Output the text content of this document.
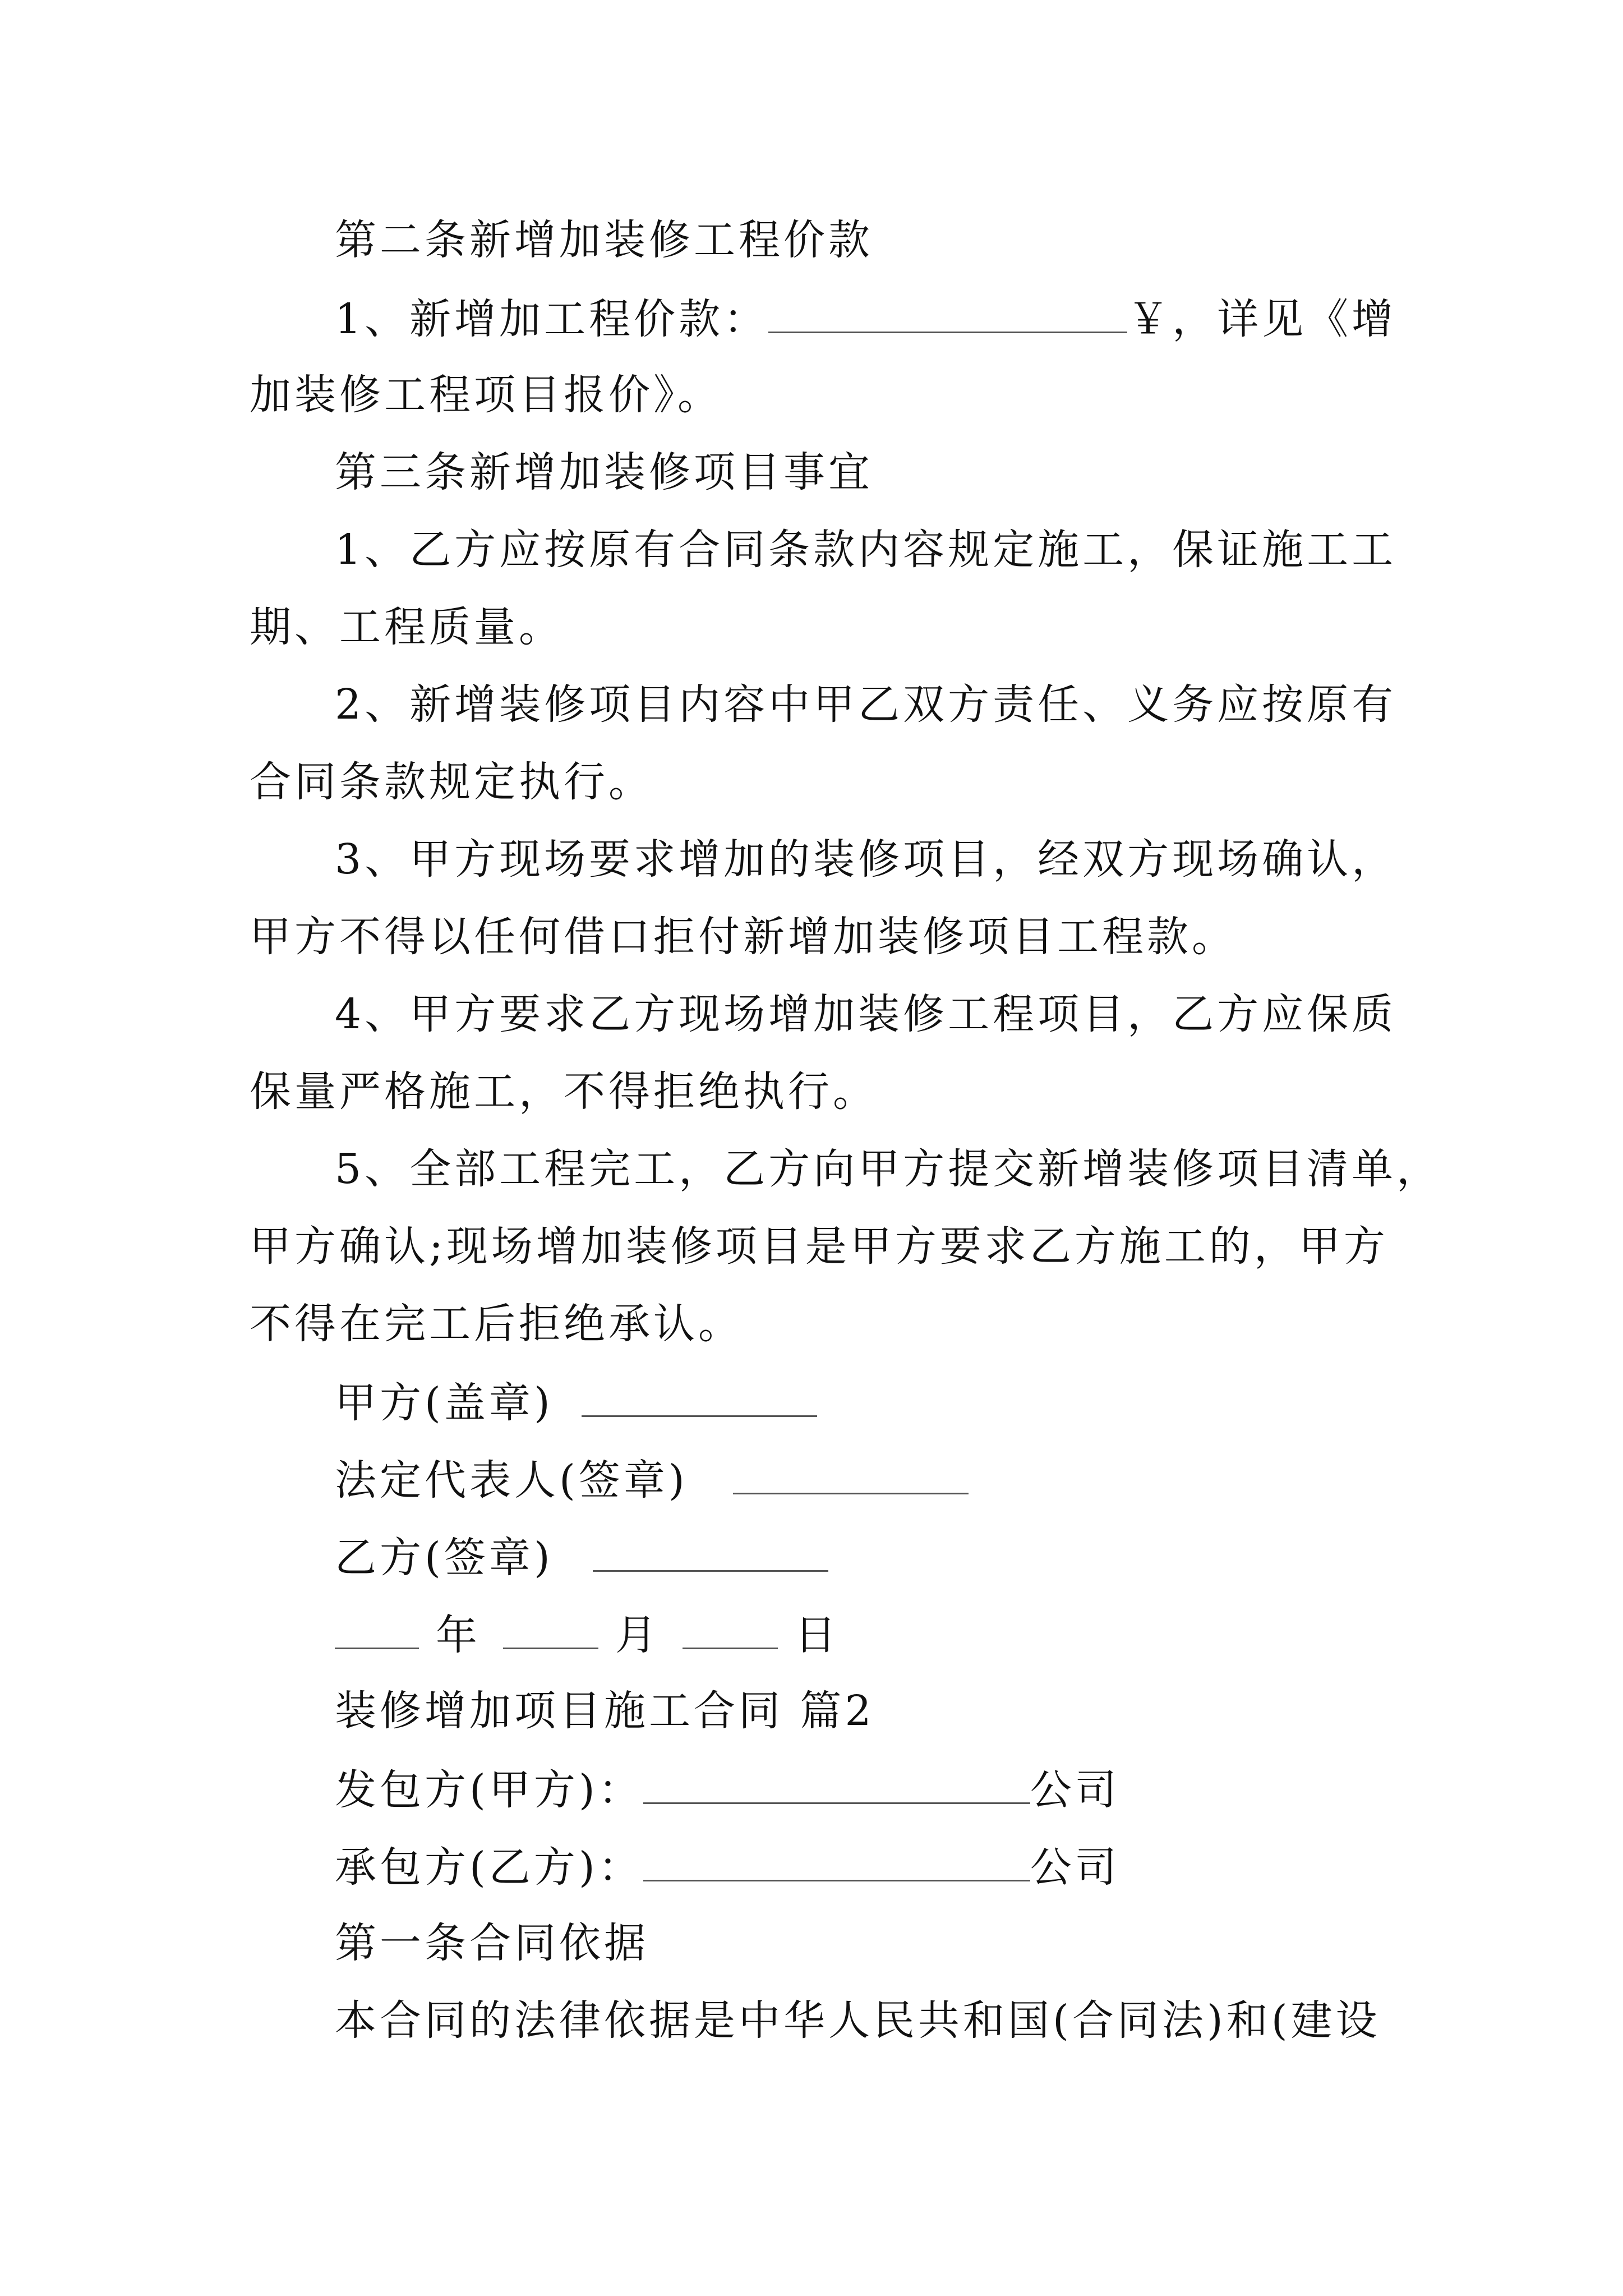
第二条新增加装修工程价款
1、新增加工程价款：	￥，详见《增
加装修工程项目报价》。
第三条新增加装修项目事宜
1、乙方应按原有合同条款内容规定施工，保证施工工
期、工程质量。
2、新增装修项目内容中甲乙双方责任、义务应按原有
合同条款规定执行。
3、甲方现场要求增加的装修项目，经双方现场确认，
甲方不得以任何借口拒付新增加装修项目工程款。
4、甲方要求乙方现场增加装修工程项目，乙方应保质
保量严格施工，不得拒绝执行。
5、全部工程完工，乙方向甲方提交新增装修项目清单，
甲方确认;现场增加装修项目是甲方要求乙方施工的，甲方
不得在完工后拒绝承认。
甲方(盖章)
法定代表人(签章)
乙方(签章)
年	月	日
装修增加项目施工合同 篇2
发包方(甲方)：	公司
承包方(乙方)：	公司
第一条合同依据
本合同的法律依据是中华人民共和国(合同法)和(建设
